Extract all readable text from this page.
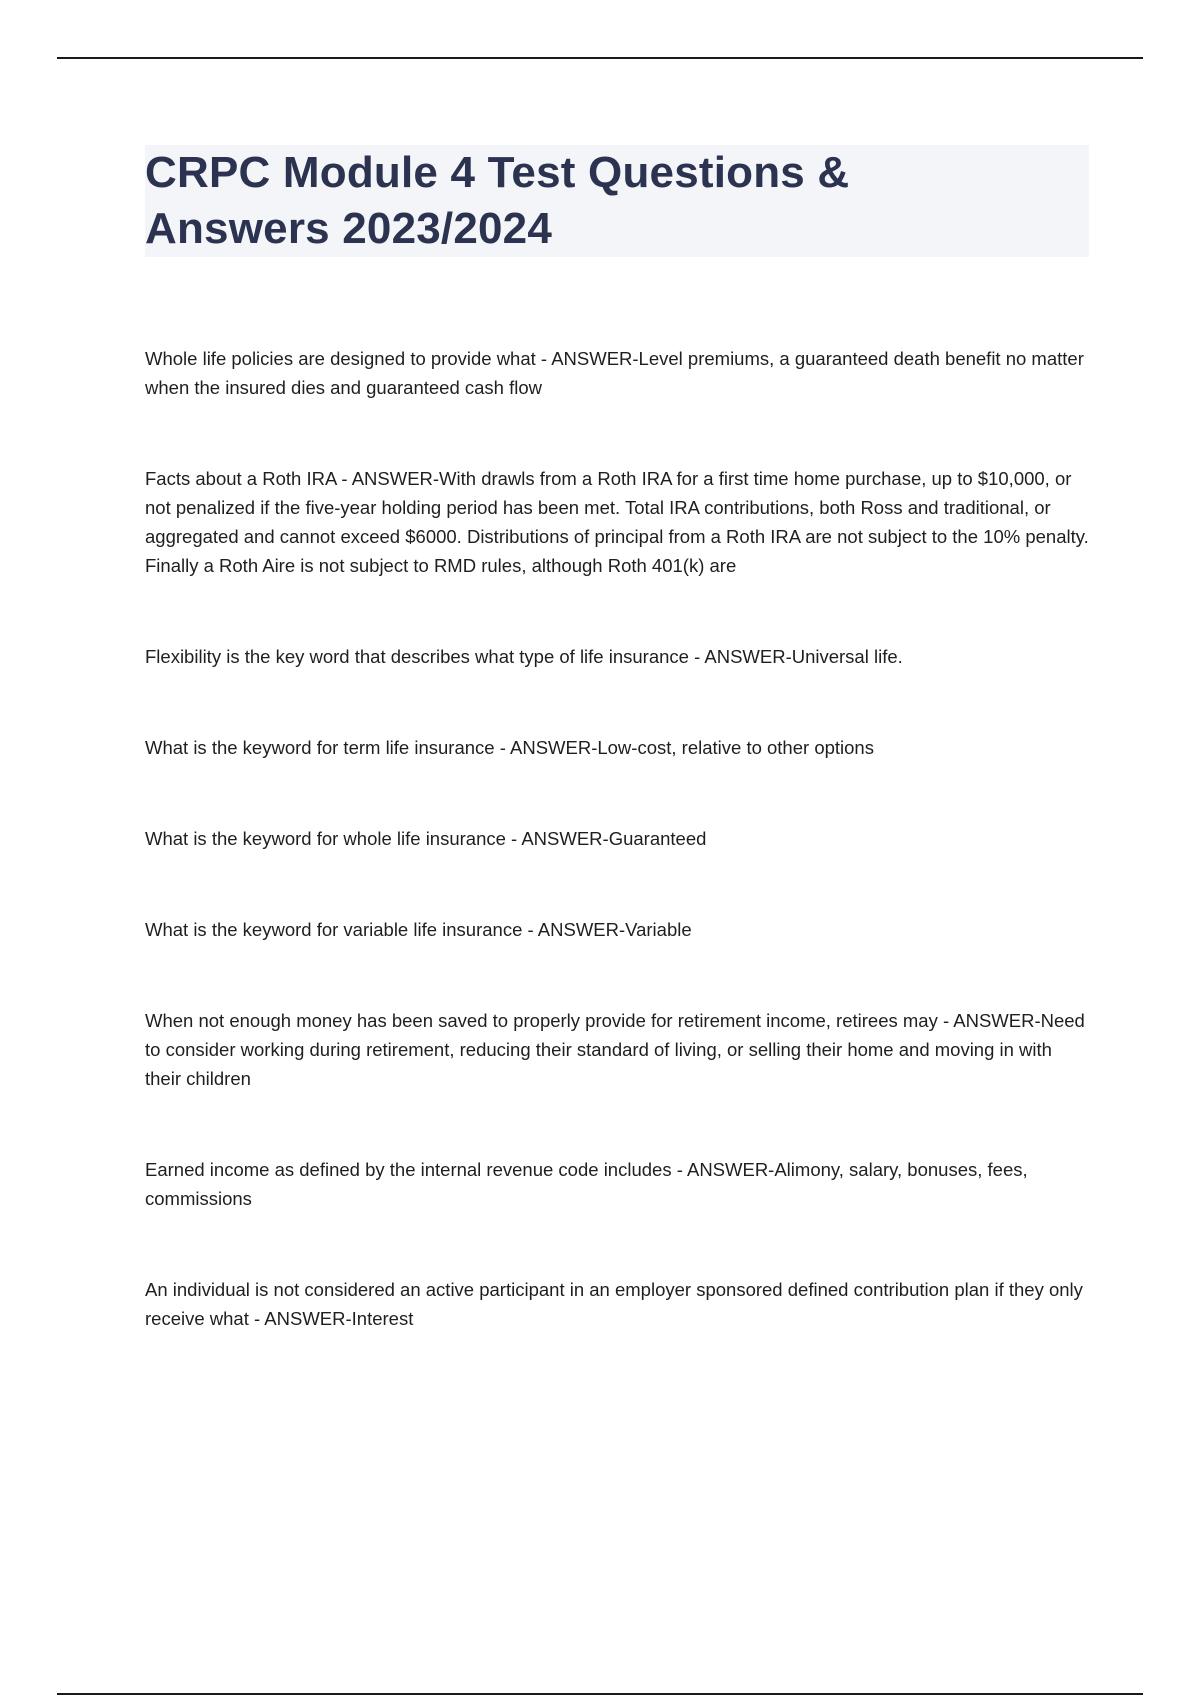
CRPC Module 4 Test Questions &
Answers 2023/2024

Whole life policies are designed to provide what - ANSWER-Level premiums, a guaranteed death benefit no matter when the insured dies and guaranteed cash flow

Facts about a Roth IRA - ANSWER-With drawls from a Roth IRA for a first time home purchase, up to $10,000, or not penalized if the five-year holding period has been met. Total IRA contributions, both Ross and traditional, or aggregated and cannot exceed $6000. Distributions of principal from a Roth IRA are not subject to the 10% penalty. Finally a Roth Aire is not subject to RMD rules, although Roth 401(k) are

Flexibility is the key word that describes what type of life insurance - ANSWER-Universal life.

What is the keyword for term life insurance - ANSWER-Low-cost, relative to other options

What is the keyword for whole life insurance - ANSWER-Guaranteed

What is the keyword for variable life insurance - ANSWER-Variable

When not enough money has been saved to properly provide for retirement income, retirees may - ANSWER-Need to consider working during retirement, reducing their standard of living, or selling their home and moving in with their children

Earned income as defined by the internal revenue code includes - ANSWER-Alimony, salary, bonuses, fees, commissions

An individual is not considered an active participant in an employer sponsored defined contribution plan if they only receive what - ANSWER-Interest
